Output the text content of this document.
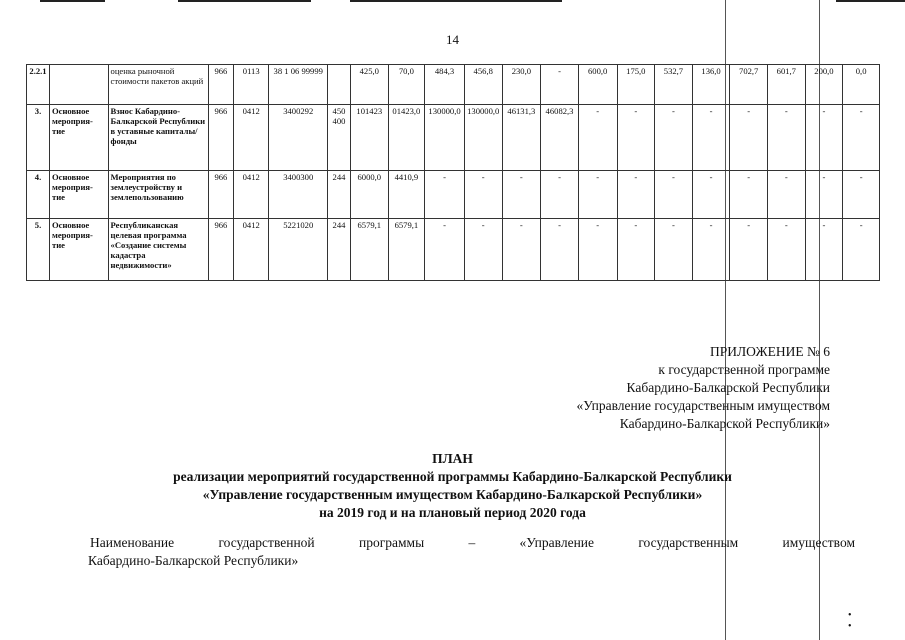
14
2.2.1		оценка рыночной стоимости пакетов акций	966	0113	38 1 06 99999		425,0	70,0	484,3	456,8	230,0	-	600,0	175,0	532,7	136,0	702,7	601,7	200,0	0,0
3.	Основное мероприя-тие	Взнос Кабардино-Балкарской Республики в уставные капиталы/фонды	966	0412	3400292	450 400	101423	01423,0	130000,0	130000,0	46131,3	46082,3	-	-	-	-	-	-	-	-
4.	Основное мероприя-тие	Мероприятия по землеустройству и землепользованию	966	0412	3400300	244	6000,0	4410,9	-	-	-	-	-	-	-	-	-	-	-	-
5.	Основное мероприя-тие	Республиканская целевая программа «Создание системы кадастра недвижимости»	966	0412	5221020	244	6579,1	6579,1	-	-	-	-	-	-	-	-	-	-	-	-
ПРИЛОЖЕНИЕ № 6
к государственной программе
Кабардино-Балкарской Республики
«Управление государственным имуществом
Кабардино-Балкарской Республики»
ПЛАН
реализации мероприятий государственной программы Кабардино-Балкарской Республики
«Управление государственным имуществом Кабардино-Балкарской Республики»
на 2019 год и на плановый период 2020 года
Наименование государственной программы – «Управление государственным имуществом
Кабардино-Балкарской Республики»
• •
